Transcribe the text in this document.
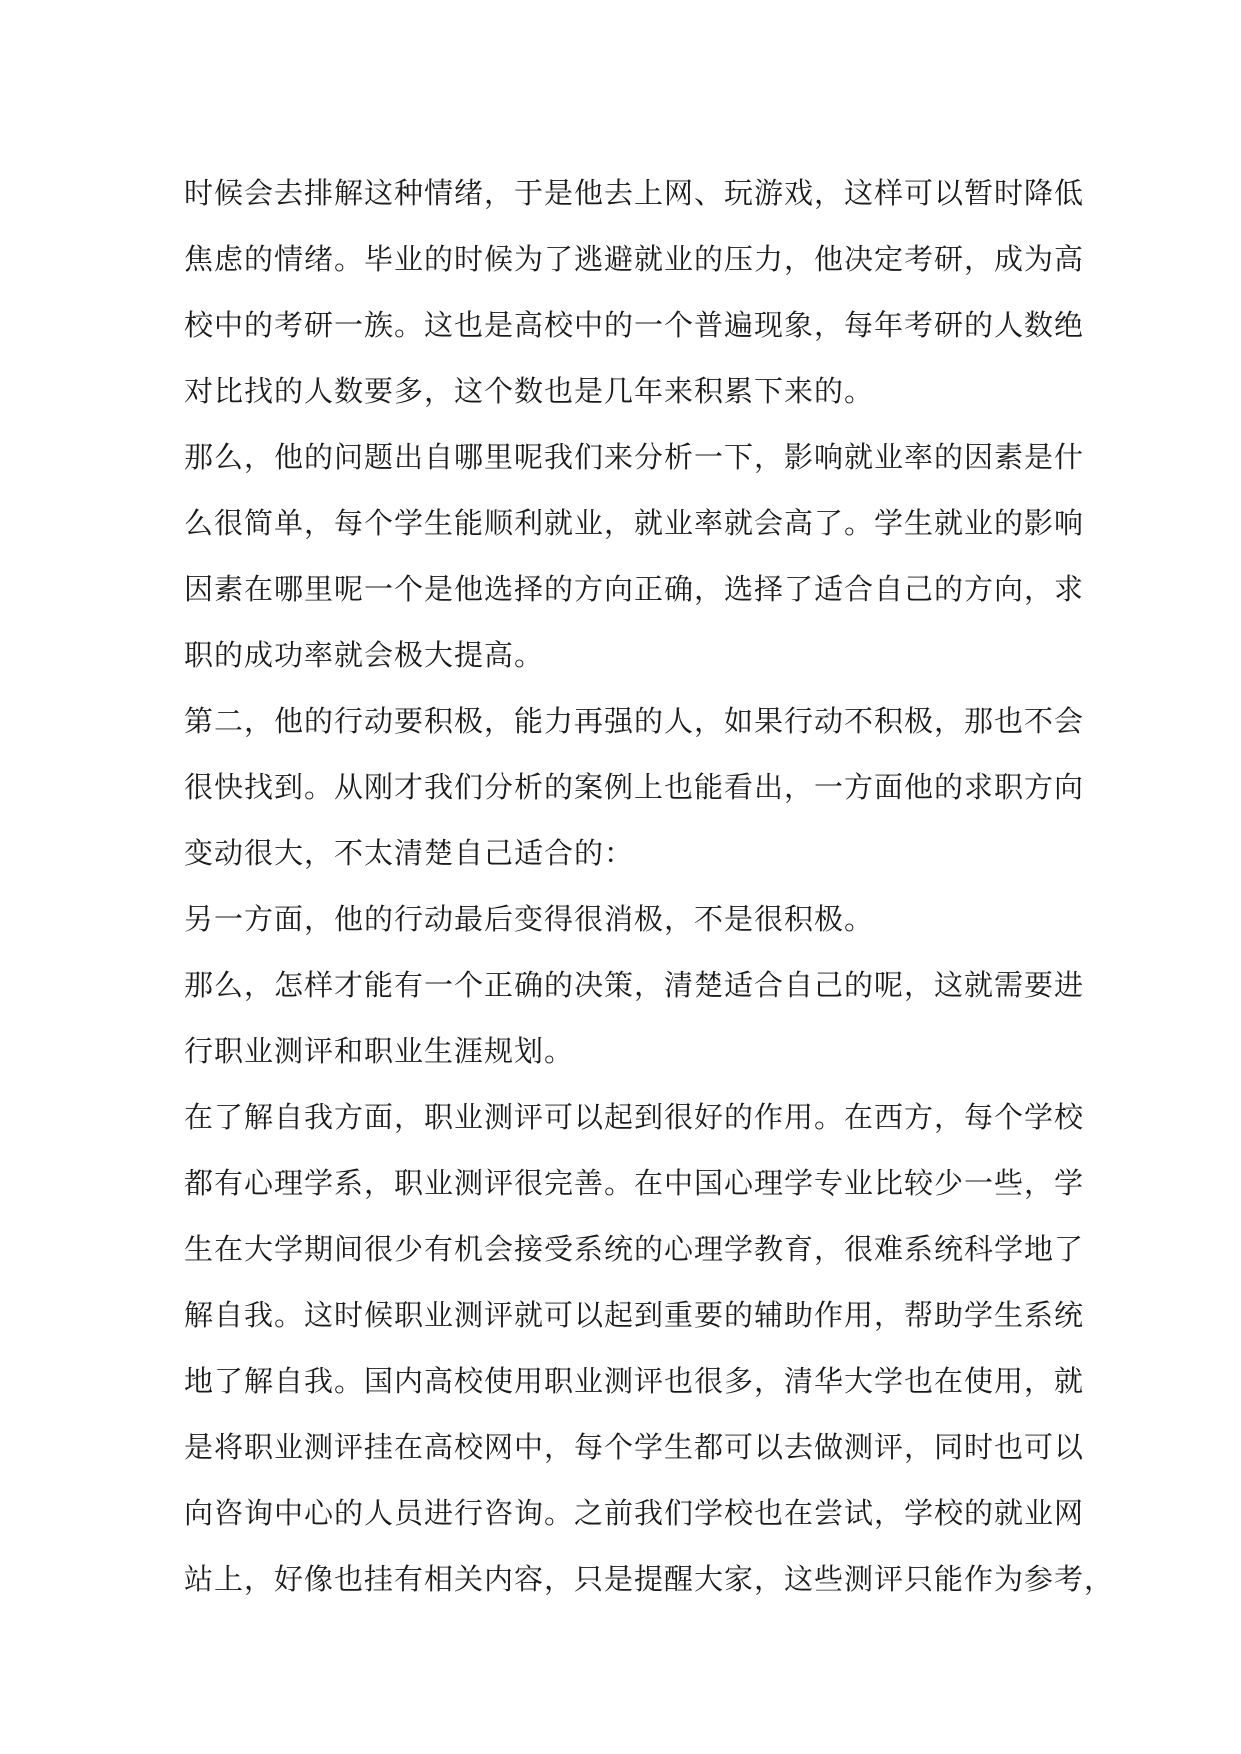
时候会去排解这种情绪，于是他去上网、玩游戏，这样可以暂时降低
焦虑的情绪。毕业的时候为了逃避就业的压力，他决定考研，成为高
校中的考研一族。这也是高校中的一个普遍现象，每年考研的人数绝
对比找的人数要多，这个数也是几年来积累下来的。
那么，他的问题出自哪里呢我们来分析一下，影响就业率的因素是什
么很简单，每个学生能顺利就业，就业率就会高了。学生就业的影响
因素在哪里呢一个是他选择的方向正确，选择了适合自己的方向，求
职的成功率就会极大提高。
第二，他的行动要积极，能力再强的人，如果行动不积极，那也不会
很快找到。从刚才我们分析的案例上也能看出，一方面他的求职方向
变动很大，不太清楚自己适合的：
另一方面，他的行动最后变得很消极，不是很积极。
那么，怎样才能有一个正确的决策，清楚适合自己的呢，这就需要进
行职业测评和职业生涯规划。
在了解自我方面，职业测评可以起到很好的作用。在西方，每个学校
都有心理学系，职业测评很完善。在中国心理学专业比较少一些，学
生在大学期间很少有机会接受系统的心理学教育，很难系统科学地了
解自我。这时候职业测评就可以起到重要的辅助作用，帮助学生系统
地了解自我。国内高校使用职业测评也很多，清华大学也在使用，就
是将职业测评挂在高校网中，每个学生都可以去做测评，同时也可以
向咨询中心的人员进行咨询。之前我们学校也在尝试，学校的就业网
站上，好像也挂有相关内容，只是提醒大家，这些测评只能作为参考，
